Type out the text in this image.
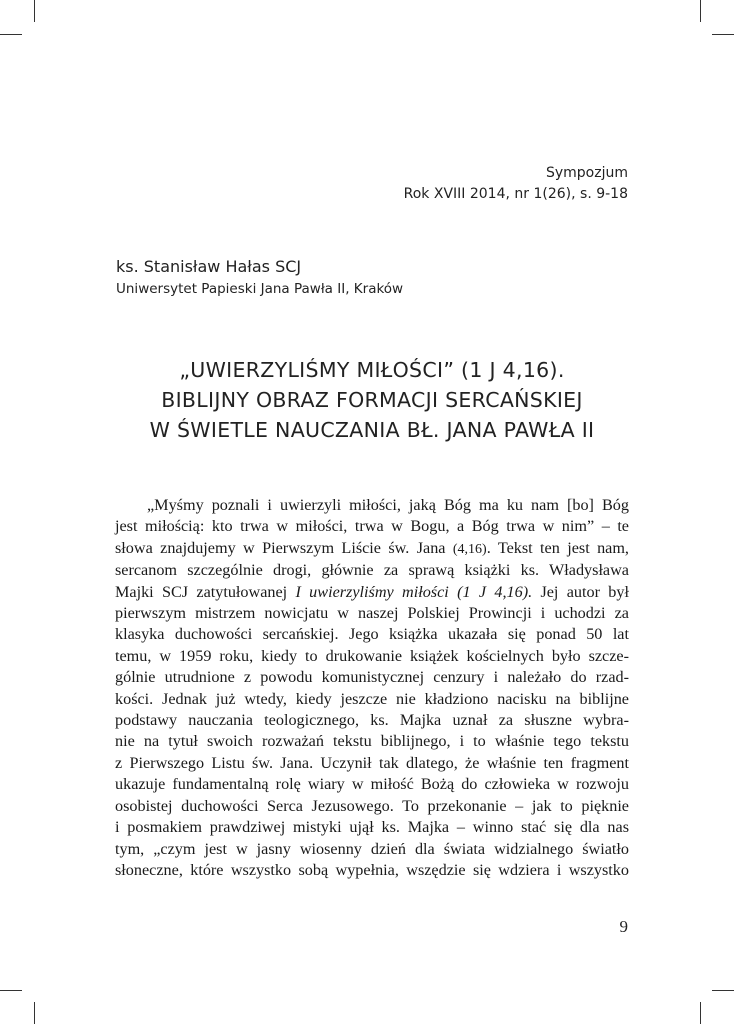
Sympozjum
Rok XVIII 2014, nr 1(26), s. 9-18
ks. Stanisław Hałas SCJ
Uniwersytet Papieski Jana Pawła II, Kraków
„UWIERZYLIŚMY MIŁOŚCI” (1 J 4,16).
BIBLIJNY OBRAZ FORMACJI SERCAŃSKIEJ
W ŚWIETLE NAUCZANIA BŁ. JANA PAWŁA II
„Myśmy poznali i uwierzyli miłości, jaką Bóg ma ku nam [bo] Bóg
jest miłością: kto trwa w miłości, trwa w Bogu, a Bóg trwa w nim” – te
słowa znajdujemy w Pierwszym Liście św. Jana (4,16). Tekst ten jest nam,
sercanom szczególnie drogi, głównie za sprawą książki ks. Władysława
Majki SCJ zatytułowanej I uwierzyliśmy miłości (1 J 4,16). Jej autor był
pierwszym mistrzem nowicjatu w naszej Polskiej Prowincji i uchodzi za
klasyka duchowości sercańskiej. Jego książka ukazała się ponad 50 lat
temu, w 1959 roku, kiedy to drukowanie książek kościelnych było szcze-
gólnie utrudnione z powodu komunistycznej cenzury i należało do rzad-
kości. Jednak już wtedy, kiedy jeszcze nie kładziono nacisku na biblijne
podstawy nauczania teologicznego, ks. Majka uznał za słuszne wybra-
nie na tytuł swoich rozważań tekstu biblijnego, i to właśnie tego tekstu
z Pierwszego Listu św. Jana. Uczynił tak dlatego, że właśnie ten fragment
ukazuje fundamentalną rolę wiary w miłość Bożą do człowieka w rozwoju
osobistej duchowości Serca Jezusowego. To przekonanie – jak to pięknie
i posmakiem prawdziwej mistyki ujął ks. Majka – winno stać się dla nas
tym, „czym jest w jasny wiosenny dzień dla świata widzialnego światło
słoneczne, które wszystko sobą wypełnia, wszędzie się wdziera i wszystko
9
